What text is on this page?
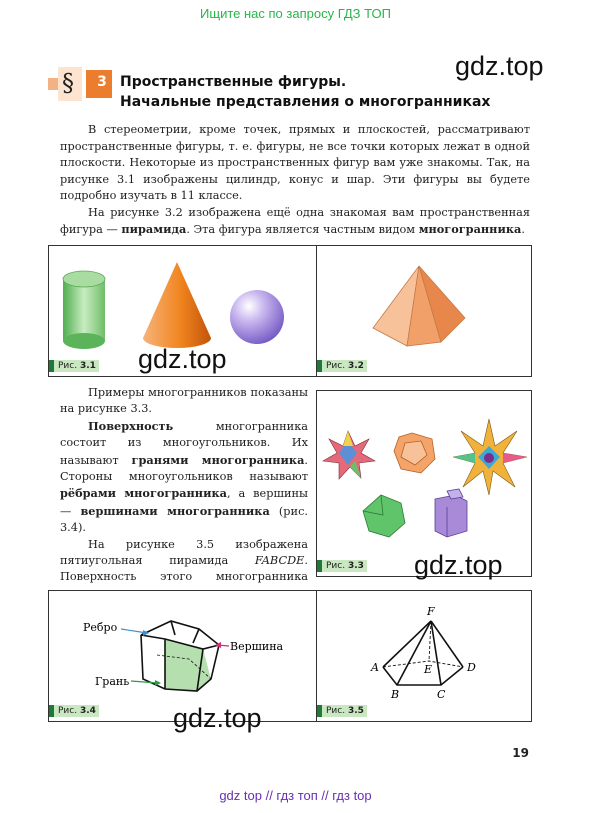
Ищите нас по запросу ГДЗ ТОП
§ 3 Пространственные фигуры.
Начальные представления о многогранниках
gdz.top

В стереометрии, кроме точек, прямых и плоскостей, рассматривают пространственные фигуры, т. е. фигуры, не все точки которых лежат в одной плоскости. Некоторые из пространственных фигур вам уже знакомы. Так, на рисунке 3.1 изображены цилиндр, конус и шар. Эти фигуры вы будете подробно изучать в 11 классе.

На рисунке 3.2 изображена ещё одна знакомая вам пространственная фигура — пирамида. Эта фигура является частным видом многогранника.

Рис. 3.1 gdz.top	Рис. 3.2

Примеры многогранников показаны на рисунке 3.3.

Поверхность многогранника состоит из многоугольников. Их называют гранями многогранника. Стороны многоугольников называют рёбрами многогранника, а вершины — вершинами многогранника (рис. 3.4).

На рисунке 3.5 изображена пятиугольная пирамида FABCDE. Поверхность этого многогранника

Рис. 3.3 gdz.top
Ребро
Вершина
Грань
Рис. 3.4	gdz.top
F
A
B	C
D
E
Рис. 3.5
19
gdz top // гдз топ // гдз top
